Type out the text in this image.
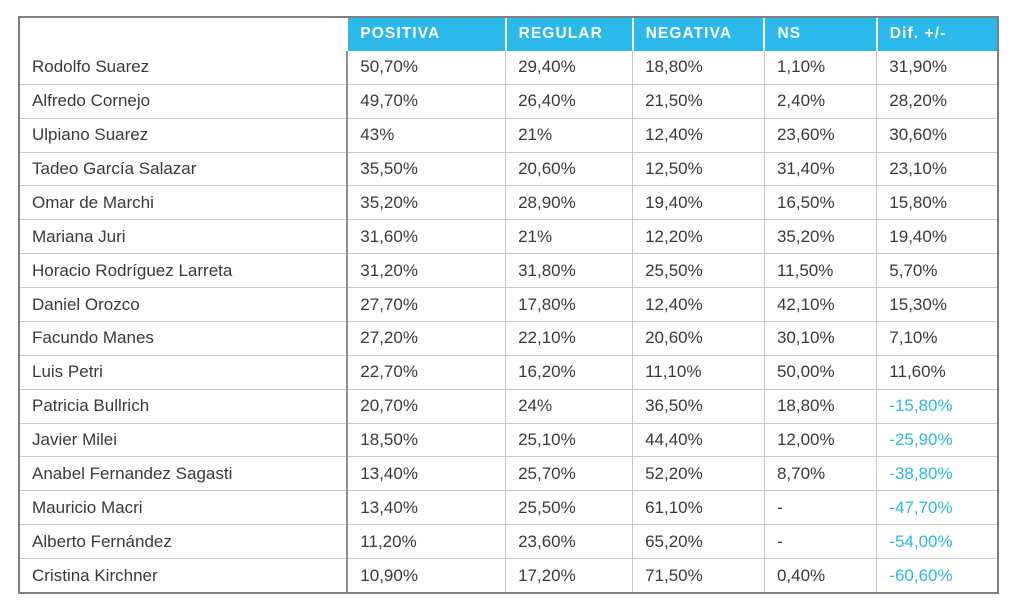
	POSITIVA	REGULAR	NEGATIVA	NS	Dif. +/-
Rodolfo Suarez	50,70%	29,40%	18,80%	1,10%	31,90%
Alfredo Cornejo	49,70%	26,40%	21,50%	2,40%	28,20%
Ulpiano Suarez	43%	21%	12,40%	23,60%	30,60%
Tadeo García Salazar	35,50%	20,60%	12,50%	31,40%	23,10%
Omar de Marchi	35,20%	28,90%	19,40%	16,50%	15,80%
Mariana Juri	31,60%	21%	12,20%	35,20%	19,40%
Horacio Rodríguez Larreta	31,20%	31,80%	25,50%	11,50%	5,70%
Daniel Orozco	27,70%	17,80%	12,40%	42,10%	15,30%
Facundo Manes	27,20%	22,10%	20,60%	30,10%	7,10%
Luis Petri	22,70%	16,20%	11,10%	50,00%	11,60%
Patricia Bullrich	20,70%	24%	36,50%	18,80%	-15,80%
Javier Milei	18,50%	25,10%	44,40%	12,00%	-25,90%
Anabel Fernandez Sagasti	13,40%	25,70%	52,20%	8,70%	-38,80%
Mauricio Macri	13,40%	25,50%	61,10%	-	-47,70%
Alberto Fernández	11,20%	23,60%	65,20%	-	-54,00%
Cristina Kirchner	10,90%	17,20%	71,50%	0,40%	-60,60%
